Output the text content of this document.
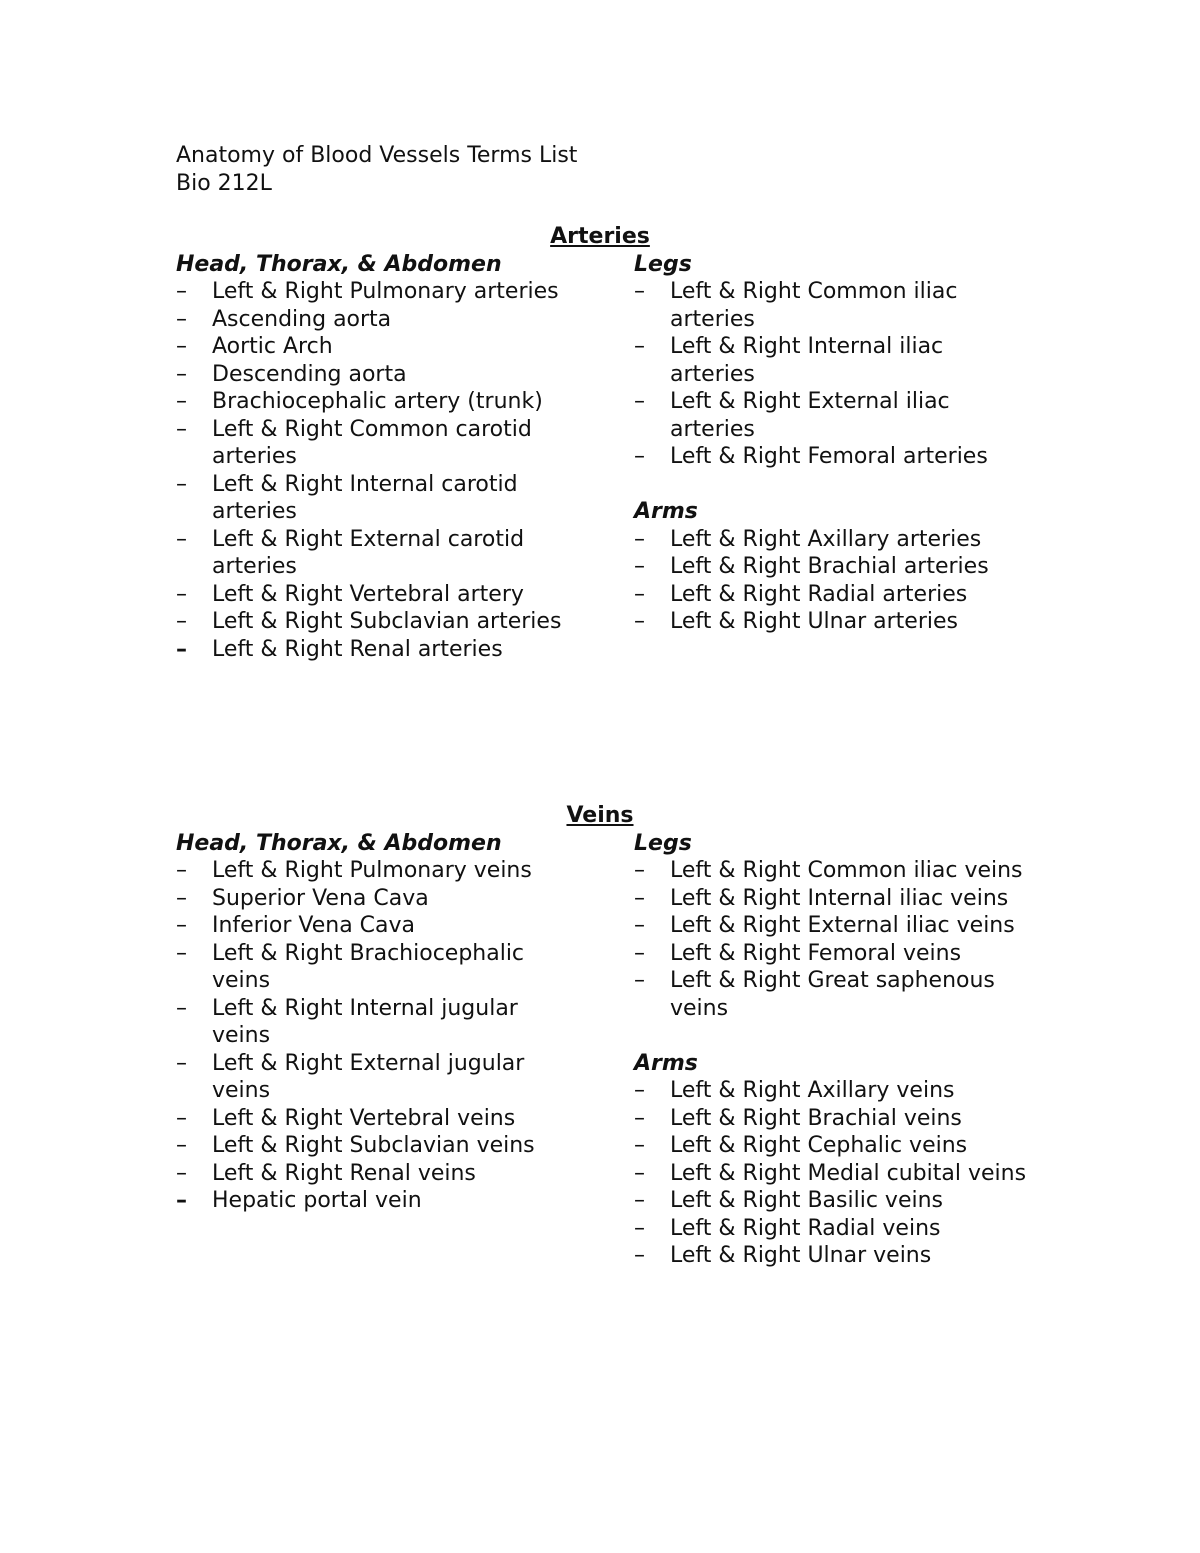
Anatomy of Blood Vessels Terms List
Bio 212L
Arteries
Head, Thorax, & Abdomen
– Left & Right Pulmonary arteries
– Ascending aorta
– Aortic Arch
– Descending aorta
– Brachiocephalic artery (trunk)
– Left & Right Common carotid arteries
– Left & Right Internal carotid arteries
– Left & Right External carotid arteries
– Left & Right Vertebral artery
– Left & Right Subclavian arteries
– Left & Right Renal arteries
Legs
– Left & Right Common iliac arteries
– Left & Right Internal iliac arteries
– Left & Right External iliac arteries
– Left & Right Femoral arteries
Arms
– Left & Right Axillary arteries
– Left & Right Brachial arteries
– Left & Right Radial arteries
– Left & Right Ulnar arteries
Veins
Head, Thorax, & Abdomen
– Left & Right Pulmonary veins
– Superior Vena Cava
– Inferior Vena Cava
– Left & Right Brachiocephalic veins
– Left & Right Internal jugular veins
– Left & Right External jugular veins
– Left & Right Vertebral veins
– Left & Right Subclavian veins
– Left & Right Renal veins
– Hepatic portal vein
Legs
– Left & Right Common iliac veins
– Left & Right Internal iliac veins
– Left & Right External iliac veins
– Left & Right Femoral veins
– Left & Right Great saphenous veins
Arms
– Left & Right Axillary veins
– Left & Right Brachial veins
– Left & Right Cephalic veins
– Left & Right Medial cubital veins
– Left & Right Basilic veins
– Left & Right Radial veins
– Left & Right Ulnar veins
